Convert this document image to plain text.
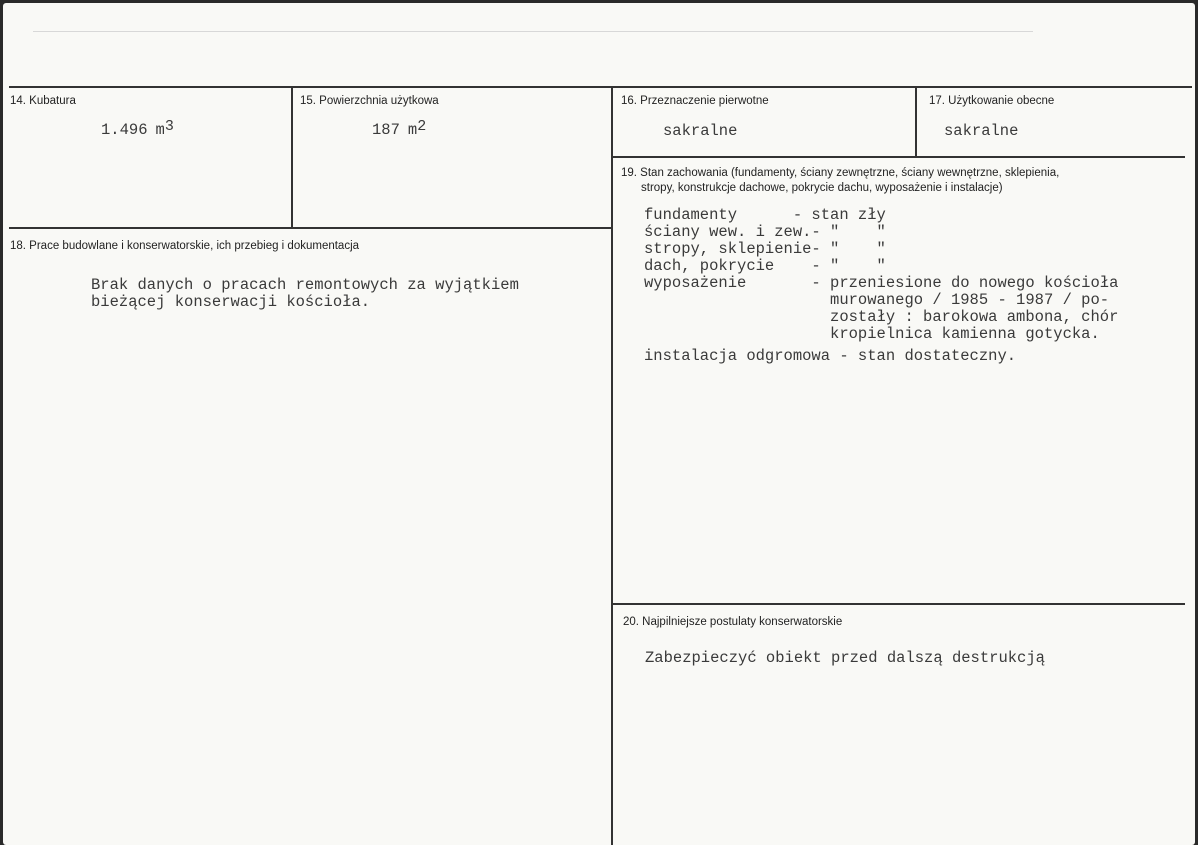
14. Kubatura
1.496 $m^3$
15. Powierzchnia użytkowa
187 $m^2$
16. Przeznaczenie pierwotne
sakralne
17. Użytkowanie obecne
sakralne
18. Prace budowlane i konserwatorskie, ich przebieg i dokumentacja
Brak danych o pracach remontowych za wyjątkiem
bieżącej konserwacji kościoła.
19. Stan zachowania (fundamenty, ściany zewnętrzne, ściany wewnętrzne, sklepienia,
stropy, konstrukcje dachowe, pokrycie dachu, wyposażenie i instalacje)
fundamenty      - stan zły
ściany wew. i zew.- "    "
stropy, sklepienie- "    "
dach, pokrycie    - "    "
wyposażenie       - przeniesione do nowego kościoła
murowanego / 1985 - 1987 / po-
zostały : barokowa ambona, chór
kropielnica kamienna gotycka.
instalacja odgromowa - stan dostateczny.
20. Najpilniejsze postulaty konserwatorskie
Zabezpieczyć obiekt przed dalszą destrukcją
